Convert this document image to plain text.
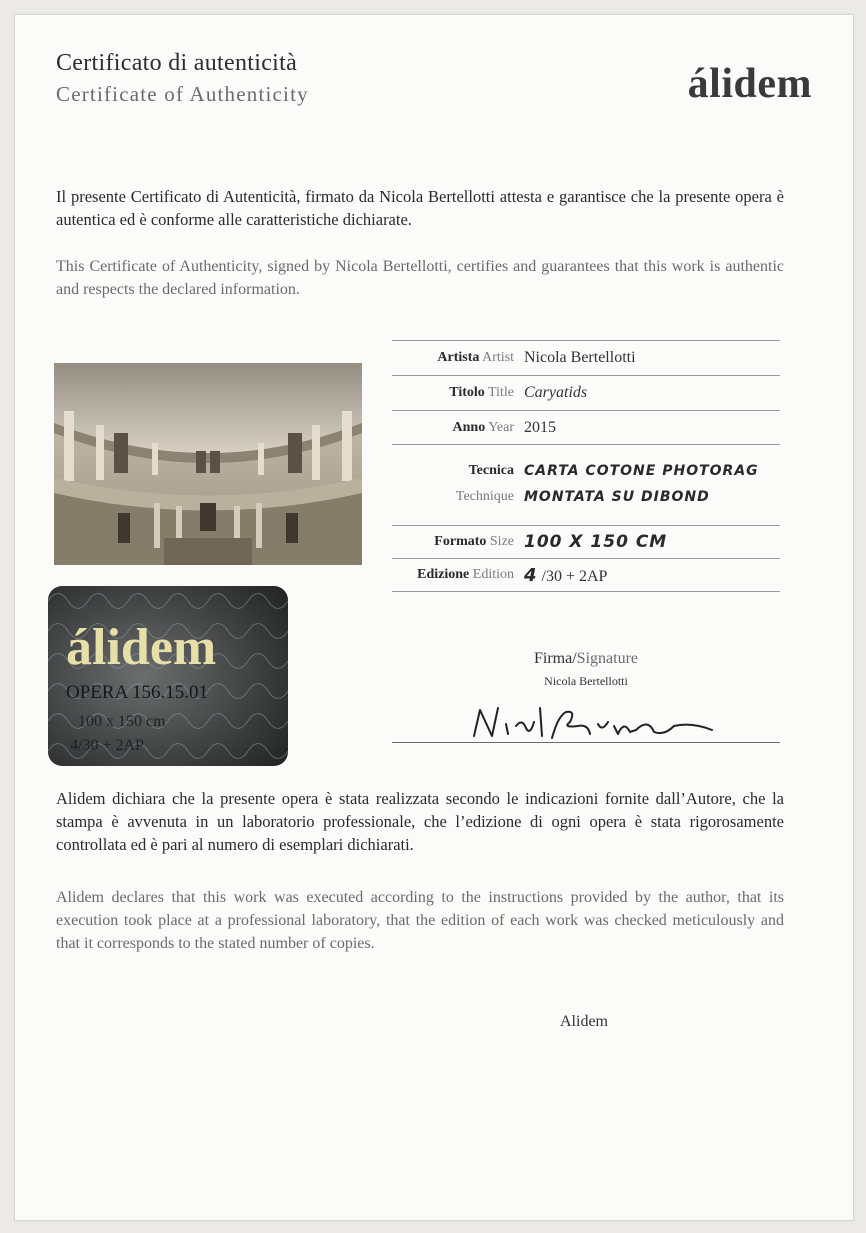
Certificato di autenticità
Certificate of Authenticity	álidem
Il presente Certificato di Autenticità, firmato da Nicola Bertellotti attesta e garantisce che la presente opera è autentica ed è conforme alle caratteristiche dichiarate.
This Certificate of Authenticity, signed by Nicola Bertellotti, certifies and guarantees that this work is authentic and respects the declared information.
álidem
OPERA 156.15.01
100 x 150 cm
4/30 + 2AP
Artista Artist Nicola Bertellotti
Titolo Title Caryatids
Anno Year 2015
Tecnica
Technique
CARTA COTONE PHOTORAG
MONTATA SU DIBOND
Formato Size 100 X 150 CM
Edizione Edition 4 /30 + 2AP
Firma/Signature
Nicola Bertellotti
Alidem dichiara che la presente opera è stata realizzata secondo le indicazioni fornite dall’Autore, che la stampa è avvenuta in un laboratorio professionale, che l’edizione di ogni opera è stata rigorosamente controllata ed è pari al numero di esemplari dichiarati.
Alidem declares that this work was executed according to the instructions provided by the author, that its execution took place at a professional laboratory, that the edition of each work was checked meticulously and that it corresponds to the stated number of copies.
Alidem
